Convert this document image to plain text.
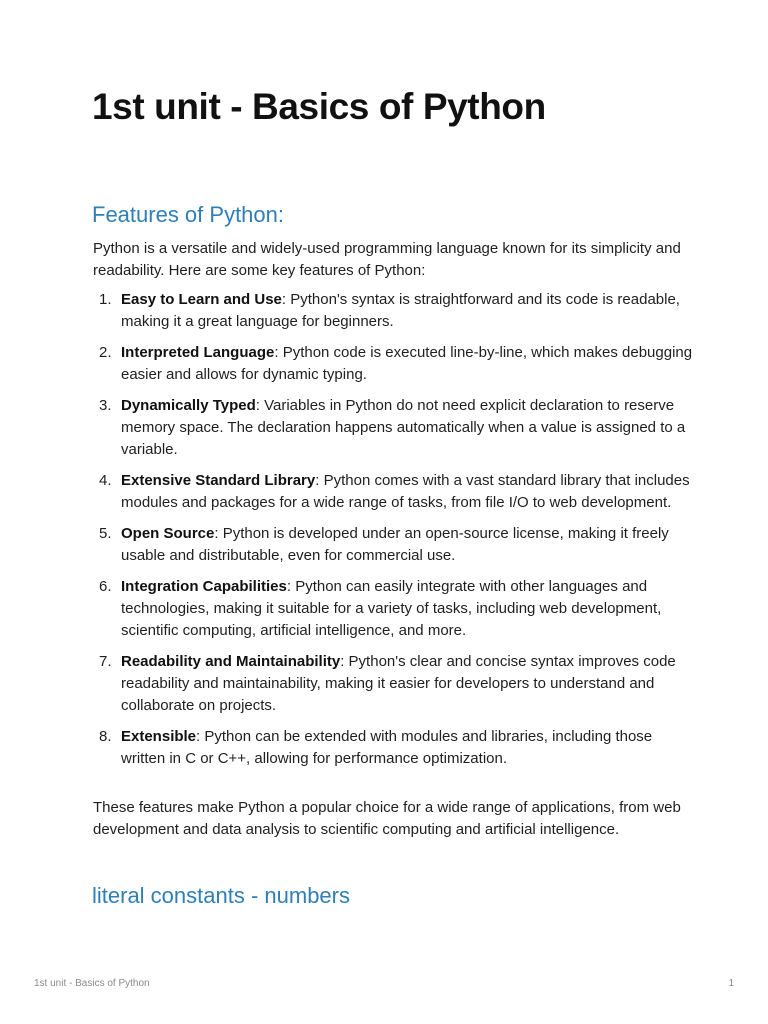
1st unit - Basics of Python
Features of Python:

Python is a versatile and widely-used programming language known for its simplicity and readability. Here are some key features of Python:

1. Easy to Learn and Use: Python's syntax is straightforward and its code is readable, making it a great language for beginners.
2. Interpreted Language: Python code is executed line-by-line, which makes debugging easier and allows for dynamic typing.
3. Dynamically Typed: Variables in Python do not need explicit declaration to reserve memory space. The declaration happens automatically when a value is assigned to a variable.
4. Extensive Standard Library: Python comes with a vast standard library that includes modules and packages for a wide range of tasks, from file I/O to web development.
5. Open Source: Python is developed under an open-source license, making it freely usable and distributable, even for commercial use.
6. Integration Capabilities: Python can easily integrate with other languages and technologies, making it suitable for a variety of tasks, including web development, scientific computing, artificial intelligence, and more.
7. Readability and Maintainability: Python's clear and concise syntax improves code readability and maintainability, making it easier for developers to understand and collaborate on projects.
8. Extensible: Python can be extended with modules and libraries, including those written in C or C++, allowing for performance optimization.

These features make Python a popular choice for a wide range of applications, from web development and data analysis to scientific computing and artificial intelligence.

literal constants - numbers
1st unit - Basics of Python	1
